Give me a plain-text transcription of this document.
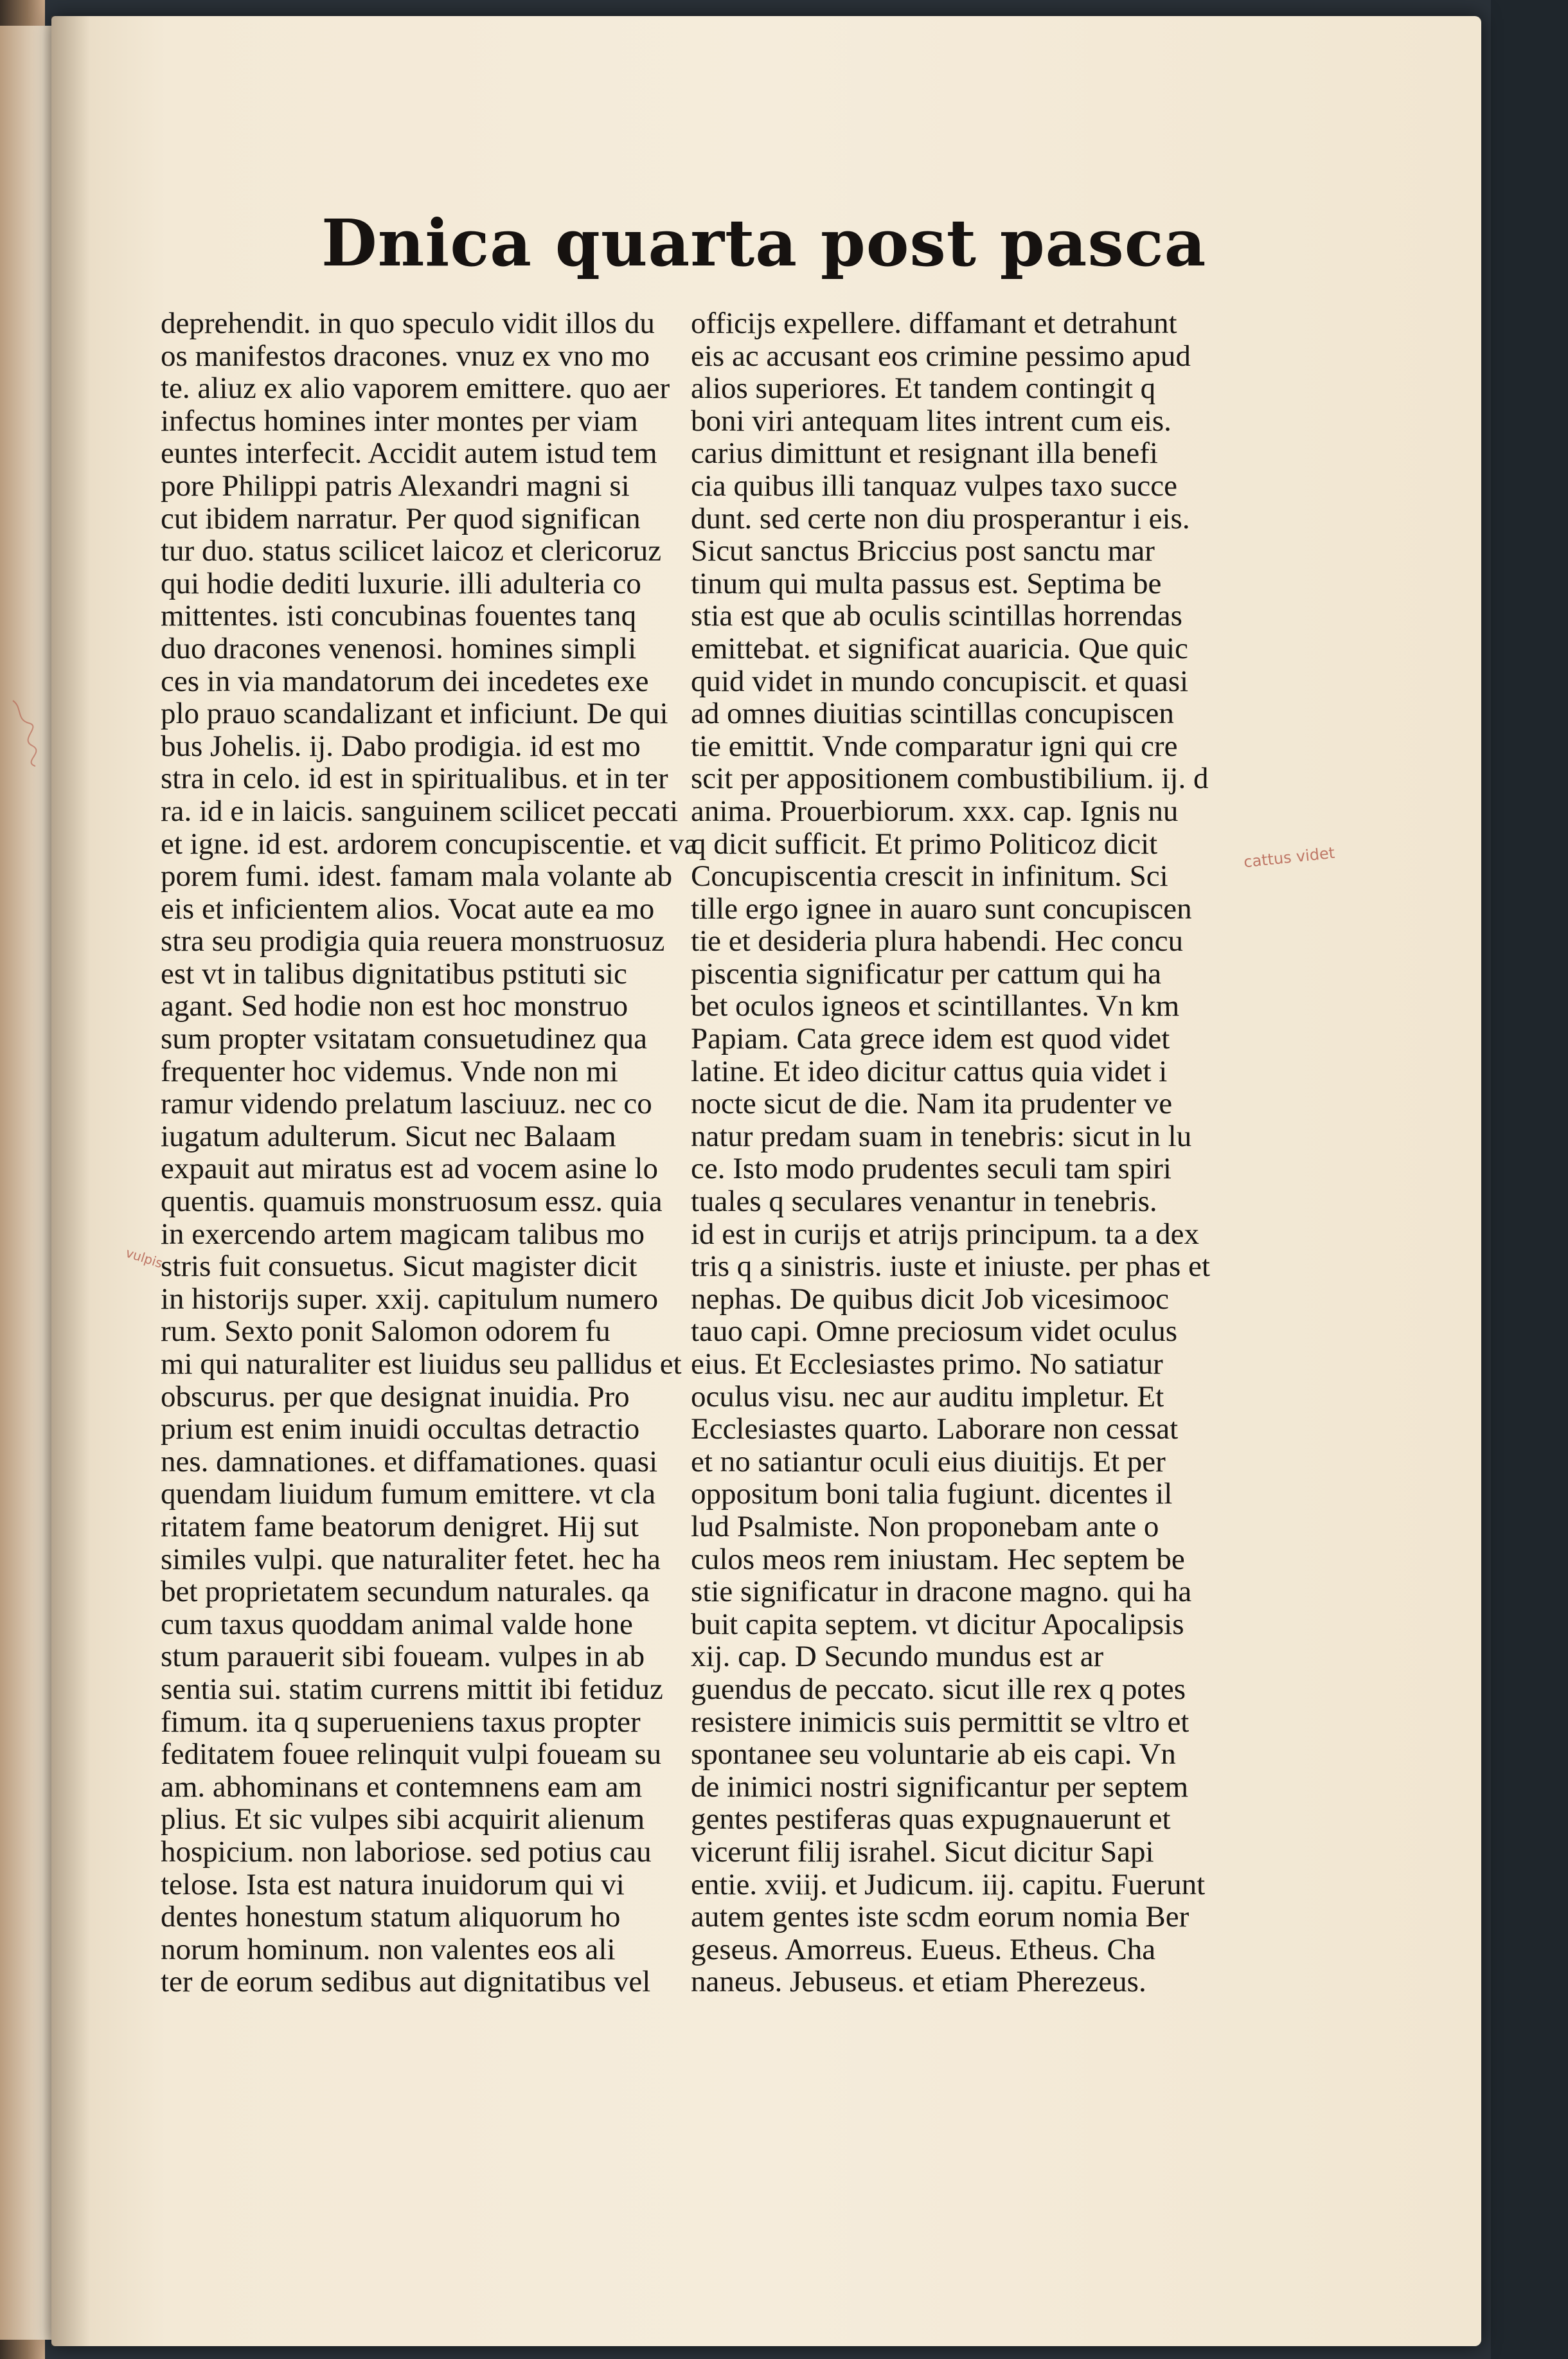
Dnica quarta post pasca
deprehendit. in quo speculo vidit illos du
os manifestos dracones. vnuz ex vno mo
te. aliuz ex alio vaporem emittere. quo aer
infectus homines inter montes per viam
euntes interfecit. Accidit autem istud tem
pore Philippi patris Alexandri magni si
cut ibidem narratur. Per quod significan
tur duo. status scilicet laicoz et clericoruz
qui hodie dediti luxurie. illi adulteria co
mittentes. isti concubinas fouentes tanq
duo dracones venenosi. homines simpli
ces in via mandatorum dei incedetes exe
plo prauo scandalizant et inficiunt. De qui
bus Johelis. ij. Dabo prodigia. id est mo
stra in celo. id est in spiritualibus. et in ter
ra. id e in laicis. sanguinem scilicet peccati
et igne. id est. ardorem concupiscentie. et va
porem fumi. idest. famam mala volante ab
eis et inficientem alios. Vocat aute ea mo
stra seu prodigia quia reuera monstruosuz
est vt in talibus dignitatibus pstituti sic
agant. Sed hodie non est hoc monstruo
sum propter vsitatam consuetudinez qua
frequenter hoc videmus. Vnde non mi
ramur videndo prelatum lasciuuz. nec co
iugatum adulterum. Sicut nec Balaam
expauit aut miratus est ad vocem asine lo
quentis. quamuis monstruosum essz. quia
in exercendo artem magicam talibus mo
stris fuit consuetus. Sicut magister dicit
in historijs super. xxij. capitulum numero
rum. Sexto ponit Salomon odorem fu
mi qui naturaliter est liuidus seu pallidus et
obscurus. per que designat inuidia. Pro
prium est enim inuidi occultas detractio
nes. damnationes. et diffamationes. quasi
quendam liuidum fumum emittere. vt cla
ritatem fame beatorum denigret. Hij sut
similes vulpi. que naturaliter fetet. hec ha
bet proprietatem secundum naturales. qa
cum taxus quoddam animal valde hone
stum parauerit sibi foueam. vulpes in ab
sentia sui. statim currens mittit ibi fetiduz
fimum. ita q superueniens taxus propter
feditatem fouee relinquit vulpi foueam su
am. abhominans et contemnens eam am
plius. Et sic vulpes sibi acquirit alienum
hospicium. non laboriose. sed potius cau
telose. Ista est natura inuidorum qui vi
dentes honestum statum aliquorum ho
norum hominum. non valentes eos ali
ter de eorum sedibus aut dignitatibus vel
officijs expellere. diffamant et detrahunt
eis ac accusant eos crimine pessimo apud
alios superiores. Et tandem contingit q
boni viri antequam lites intrent cum eis.
carius dimittunt et resignant illa benefi
cia quibus illi tanquaz vulpes taxo succe
dunt. sed certe non diu prosperantur i eis.
Sicut sanctus Briccius post sanctu mar
tinum qui multa passus est. Septima be
stia est que ab oculis scintillas horrendas
emittebat. et significat auaricia. Que quic
quid videt in mundo concupiscit. et quasi
ad omnes diuitias scintillas concupiscen
tie emittit. Vnde comparatur igni qui cre
scit per appositionem combustibilium. ij. d
anima. Prouerbiorum. xxx. cap. Ignis nu
q dicit sufficit. Et primo Politicoz dicit
Concupiscentia crescit in infinitum. Sci
tille ergo ignee in auaro sunt concupiscen
tie et desideria plura habendi. Hec concu
piscentia significatur per cattum qui ha
bet oculos igneos et scintillantes. Vn km
Papiam. Cata grece idem est quod videt
latine. Et ideo dicitur cattus quia videt i
nocte sicut de die. Nam ita prudenter ve
natur predam suam in tenebris: sicut in lu
ce. Isto modo prudentes seculi tam spiri
tuales q seculares venantur in tenebris.
id est in curijs et atrijs principum. ta a dex
tris q a sinistris. iuste et iniuste. per phas et
nephas. De quibus dicit Job vicesimooc
tauo capi. Omne preciosum videt oculus
eius. Et Ecclesiastes primo. No satiatur
oculus visu. nec aur auditu impletur. Et
Ecclesiastes quarto. Laborare non cessat
et no satiantur oculi eius diuitijs. Et per
oppositum boni talia fugiunt. dicentes il
lud Psalmiste. Non proponebam ante o
culos meos rem iniustam. Hec septem be
stie significatur in dracone magno. qui ha
buit capita septem. vt dicitur Apocalipsis
xij. cap. D Secundo mundus est ar
guendus de peccato. sicut ille rex q potes
resistere inimicis suis permittit se vltro et
spontanee seu voluntarie ab eis capi. Vn
de inimici nostri significantur per septem
gentes pestiferas quas expugnauerunt et
vicerunt filij israhel. Sicut dicitur Sapi
entie. xviij. et Judicum. iij. capitu. Fuerunt
autem gentes iste scdm eorum nomia Ber
geseus. Amorreus. Eueus. Etheus. Cha
naneus. Jebuseus. et etiam Pherezeus.
cattus videt
vulpis
